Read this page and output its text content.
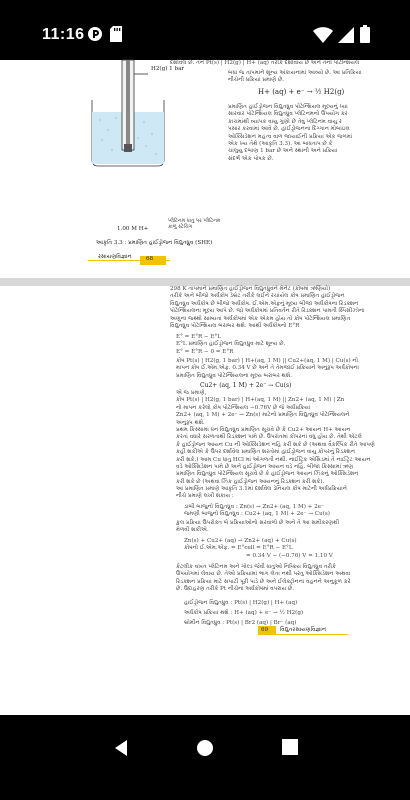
11:16
H2(g) 1 bar
પ્લેટિનમ ધાતુ પર પ્લેટિનમ કાળુ સ્ટેચિંગ
1.00 M H+
આકૃતિ 3.3 : પ્રમાણિત હાઈડ્રોજન વિદ્યુતધ્રુવ (SHE)
દર્શાવેલ છે. તેને Pt(s) | H2(g) | H+ (aq) તરીકે દર્શાવાય છે અને તેનો પોટેન્શિયલ
બધા જ તાપમાને શૂન્ય અંકાયનામાં આવ્યો છે. આ પ્રતિક્રિયા
નીચેની પ્રક્રિયા પ્રમાણે છે.
H+ (aq) + e⁻ → ½ H2(g)
પ્રમાણિત હાઈડ્રોજન વિદ્યુતધ્રુવ પોટેન્શિયલ મૂલ્યનું ધ્યા
સારવાર પોટેન્શિયલ વિદ્યુતધ્રુવ પ્લેટિનમનો ઉપયોગ કર
કાચમાંથી વ્યાપક વાયુ ગુણો છે તેવું પ્લેટિનમ વાયુ ર
પસાર કરવામાં આવે છે. હાઈડ્રોજનના દિગ્ગાન મોબાઇલ
ઓક્સિડેશન મહત્વ વાળ જાયાઈની પ્રક્રિયા એક જળમાં
એક ખ્ય તેથે (આકૃતિ 3.3). આ બાધતાપ છે કે
ચાલુયુ દબાણ 1 bar છે અને સ્થાની અને પ્રક્રિયા
સંદર્ભ એક પોષક છે.
રસાયણવિજ્ઞાન	68
298 K તાપમાને પ્રમાણિત હાઈડ્રોજન વિદ્યુતધ્રુવને મેનેટ (કોષમાં ઋણિયો)
તરીકે અને બીજો અર્ધકોષ ડેબ્રેટ તરીકે લઈને રચાયેલ કોષ પ્રમાણિત હાઈડ્રોજન
વિદ્યુતધ્રુવ અર્ધકોષ છે બીજો અર્ધકોષ. ઈ.એમ.એફનું મૂલ્ય બીજા અર્ધકોષના રિડક્શન
પોટેન્શિયલના મૂલ્ય આપે છે. જો અર્ધકોષમાં પ્રતિવર્તન રીતે રિડક્શન પામતી સ્પિસીઝોના
અણુના જથ્થો સામ્યતા અર્ધકોષમાં એક એકમ હોય તો કોષ પોટેન્શિયલ પ્રમાણિત
વિદ્યુતધ્રુવ પોટેન્શિયલ બરાબર થશે. આથી અર્ધકોષનો E°R
E° = E°R − E°L
E°L પ્રમાણિત હાઈડ્રોજન વિદ્યુતધ્રુવ માટે શૂન્ય છે.
E° = E°R − 0 = E°R
કોષ Pt(s) | H2(g, 1 bar) | H+(aq, 1 M) || Cu2+(aq, 1 M) | Cu(s) નો
માપન કોષ ઈ.એમ.એફ. 0.34 V છે અને તે તેમજાઈ પ્રક્રિયાને અનુરૂપ અર્ધકોષના
પ્રમાણિત વિદ્યુતધ્રુવ પોટેન્શિયલના મૂલ્ય બરાબર થશે.
Cu2+ (aq, 1 M) + 2e⁻ → Cu(s)
એ જ પ્રમાણે,
કોષ Pt(s) | H2(g, 1 bar) | H+(aq, 1 M) || Zn2+ (aq, 1 M) | Zn
નો માપન કરેલો કોષ પોટેન્શિયલ −0.76V છે જે અર્ધપ્રક્રિયા
Zn2+ (aq, 1 M) + 2e⁻ → Zn(s) માટેનો પ્રમાણિત વિદ્યુતધ્રુવ પોટેન્શિયલને
અનુરૂપ થશે.
પ્રથમ કિસ્સામાં ધન વિદ્યુતધ્રુવ પ્રમાણિત સૂચવે છે કે Cu2+ આયન H+ આયન
કરતાં વધારે સરળતાથી રિડક્શન પામે છે. ઉપરાંતમાં કોપરનાં વધુ હોય છે. તેથી એટલે
કે હાઈડ્રોજન આયન Cu ની ઓક્સિડેશન નહિ કરી શકે છે (અથવા વૈકલ્પિક રીતે આપણે
કહી શકીએ કે ઉપર દર્શાવેલ પ્રમાણિત શરતોમાં હાઈડ્રોજન વાયુ કોપરનું રિડક્શન
કરી શકે.) આમ Cu ધાતુ HCl માં ઓગળતી નથી. નાઈટ્રિક એસિડમાં તે નાઈટ્રેટ આયન
વડે ઓક્સિડેશન પામે છે અને હાઈડ્રોજન આયન વડે નહિ. બીજા કિસ્સામાં ઋણ
પ્રમાણિત વિદ્યુતધ્રુવ પોટેન્શિયલ સૂચવે છે કે હાઈડ્રોજન આયન ઝિંકનું ઓક્સિડેશન
કરી શકે છે (અથવા ઝિંક હાઈડ્રોજન આયનનું રિડક્શન કરી શકે).
આ પ્રમાણિત પ્રમાણે આકૃતિ 3.1માં દર્શાવેલ ડેનિયલ કોષ માટેની અર્ધપ્રક્રિયાને
નીચે પ્રમાણે લખી શકાય :
ડાબી બાજુનો વિદ્યુતધ્રુવ : Zn(s) → Zn2+ (aq, 1 M) + 2e⁻
જમણી બાજુનો વિદ્યુતધ્રુવ : Cu2+ (aq, 1 M) + 2e⁻ → Cu(s)
કુલ પ્રક્રિયા ઉપરોક્ત બે પ્રક્રિયાઓનો સરવાળો છે અને તે આ સમીકરણથી
મેળવી શકીએ.
Zn(s) + Cu2+ (aq) → Zn2+ (aq) + Cu(s)
કોષનો ઈ.એમ.એફ. = E°cell = E°R − E°L
= 0.34 V − (−0.76) V = 1.10 V
કેટલીક વખત પ્લેટિનમ અને ગોલ્ડ જેવી ધાતુઓ નિષ્ક્રિય વિદ્યુતધ્રુવ તરીકે
ઉપયોગમાં લેવાય છે. તેઓ પ્રક્રિયામાં ભાગ લેતા નથી પરંતુ ઓક્સિડેશન અથવા
રિડક્શન પ્રક્રિયા માટે સપાટી પૂરી પાડે છે અને ઈલેક્ટ્રોનના વહનને અનુકૂળ કરે
છે. ઉદાહરણ તરીકે Pt નીચેના અર્ધકોષમાં વપરાય છે.
હાઈડ્રોજન વિદ્યુતધ્રુવ : Pt(s) | H2(g) | H+ (aq)
અર્ધકોષ પ્રક્રિયા થશે : H+ (aq) + e⁻ → ½ H2(g)
બ્રોમીન વિદ્યુતધ્રુવ : Pt(s) | Br2 (aq) | Br⁻ (aq)
69 વિદ્યુતરસાયણવિજ્ઞાન
